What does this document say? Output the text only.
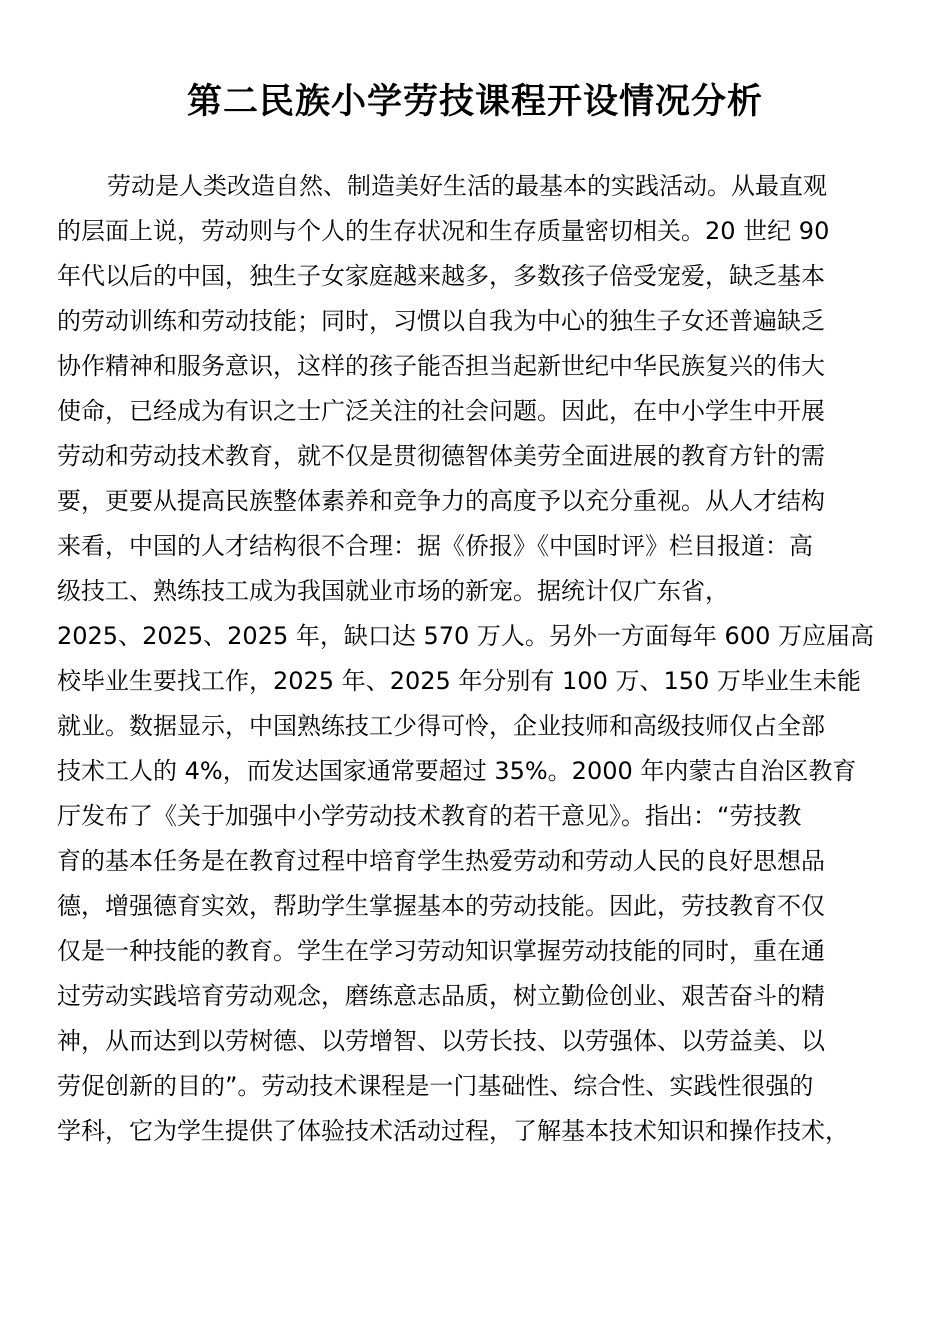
第二民族小学劳技课程开设情况分析
劳动是人类改造自然、制造美好生活的最基本的实践活动。从最直观
的层面上说，劳动则与个人的生存状况和生存质量密切相关。20 世纪 90
年代以后的中国，独生子女家庭越来越多，多数孩子倍受宠爱，缺乏基本
的劳动训练和劳动技能；同时，习惯以自我为中心的独生子女还普遍缺乏
协作精神和服务意识，这样的孩子能否担当起新世纪中华民族复兴的伟大
使命，已经成为有识之士广泛关注的社会问题。因此，在中小学生中开展
劳动和劳动技术教育，就不仅是贯彻德智体美劳全面进展的教育方针的需
要，更要从提高民族整体素养和竞争力的高度予以充分重视。从人才结构
来看，中国的人才结构很不合理：据《侨报》《中国时评》栏目报道：高
级技工、熟练技工成为我国就业市场的新宠。据统计仅广东省，
2025、2025、2025 年，缺口达 570 万人。另外一方面每年 600 万应届高
校毕业生要找工作，2025 年、2025 年分别有 100 万、150 万毕业生未能
就业。数据显示，中国熟练技工少得可怜，企业技师和高级技师仅占全部
技术工人的 4%，而发达国家通常要超过 35%。2000 年内蒙古自治区教育
厅发布了《关于加强中小学劳动技术教育的若干意见》。指出：“劳技教
育的基本任务是在教育过程中培育学生热爱劳动和劳动人民的良好思想品
德，增强德育实效，帮助学生掌握基本的劳动技能。因此，劳技教育不仅
仅是一种技能的教育。学生在学习劳动知识掌握劳动技能的同时，重在通
过劳动实践培育劳动观念，磨练意志品质，树立勤俭创业、艰苦奋斗的精
神，从而达到以劳树德、以劳增智、以劳长技、以劳强体、以劳益美、以
劳促创新的目的”。劳动技术课程是一门基础性、综合性、实践性很强的
学科，它为学生提供了体验技术活动过程，了解基本技术知识和操作技术，
